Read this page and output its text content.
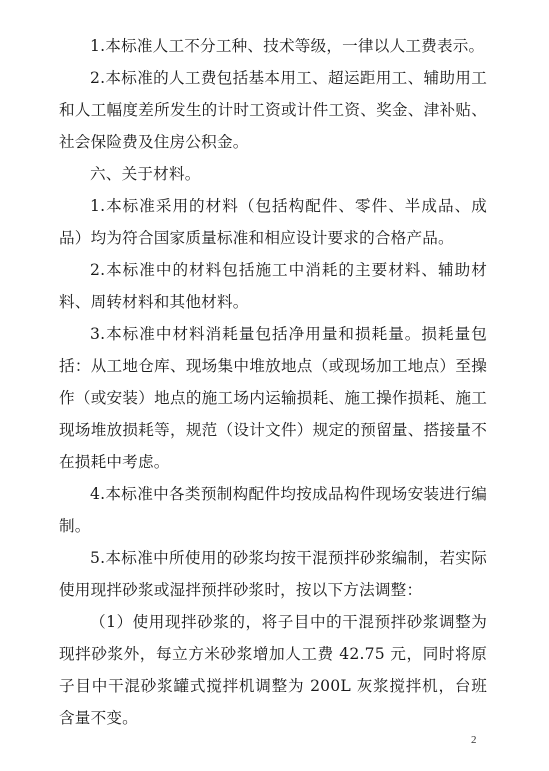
1.本标准人工不分工种、技术等级，一律以人工费表示。

2.本标准的人工费包括基本用工、超运距用工、辅助用工和人工幅度差所发生的计时工资或计件工资、奖金、津补贴、社会保险费及住房公积金。

六、关于材料。

1.本标准采用的材料（包括构配件、零件、半成品、成品）均为符合国家质量标准和相应设计要求的合格产品。

2.本标准中的材料包括施工中消耗的主要材料、辅助材料、周转材料和其他材料。

3.本标准中材料消耗量包括净用量和损耗量。损耗量包括：从工地仓库、现场集中堆放地点（或现场加工地点）至操作（或安装）地点的施工场内运输损耗、施工操作损耗、施工现场堆放损耗等，规范（设计文件）规定的预留量、搭接量不在损耗中考虑。

4.本标准中各类预制构配件均按成品构件现场安装进行编制。

5.本标准中所使用的砂浆均按干混预拌砂浆编制，若实际使用现拌砂浆或湿拌预拌砂浆时，按以下方法调整：

（1）使用现拌砂浆的，将子目中的干混预拌砂浆调整为现拌砂浆外，每立方米砂浆增加人工费 42.75 元，同时将原子目中干混砂浆罐式搅拌机调整为 200L 灰浆搅拌机，台班含量不变。

2
